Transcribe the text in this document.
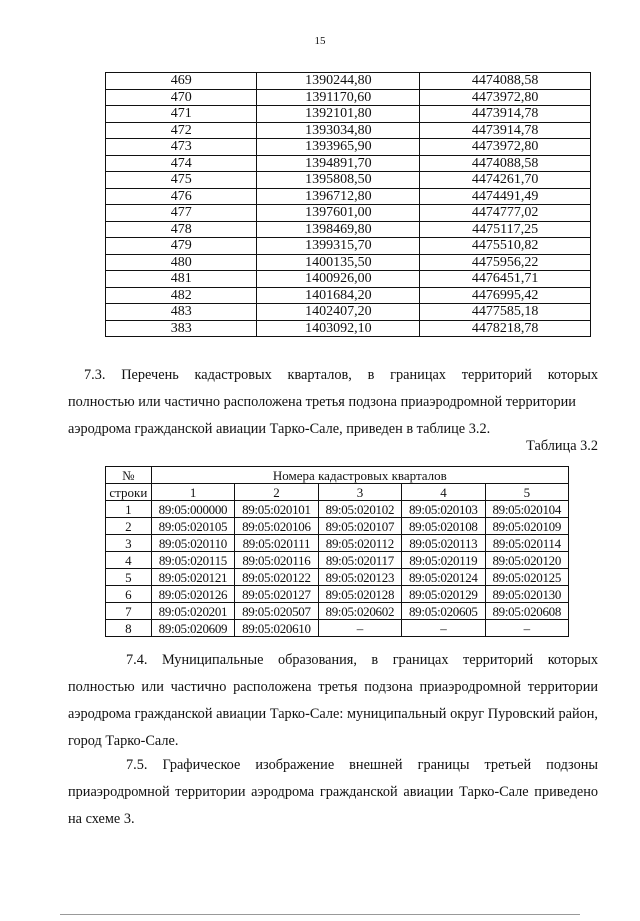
15
469	1390244,80	4474088,58
470	1391170,60	4473972,80
471	1392101,80	4473914,78
472	1393034,80	4473914,78
473	1393965,90	4473972,80
474	1394891,70	4474088,58
475	1395808,50	4474261,70
476	1396712,80	4474491,49
477	1397601,00	4474777,02
478	1398469,80	4475117,25
479	1399315,70	4475510,82
480	1400135,50	4475956,22
481	1400926,00	4476451,71
482	1401684,20	4476995,42
483	1402407,20	4477585,18
383	1403092,10	4478218,78

7.3. Перечень кадастровых кварталов, в границах территорий которых
полностью или частично расположена третья подзона приаэродромной территории аэродрома гражданской авиации Тарко-Сале, приведен в таблице 3.2.

Таблица 3.2
№	Номера кадастровых кварталов				
строки	1	2	3	4	5
1	89:05:000000	89:05:020101	89:05:020102	89:05:020103	89:05:020104
2	89:05:020105	89:05:020106	89:05:020107	89:05:020108	89:05:020109
3	89:05:020110	89:05:020111	89:05:020112	89:05:020113	89:05:020114
4	89:05:020115	89:05:020116	89:05:020117	89:05:020119	89:05:020120
5	89:05:020121	89:05:020122	89:05:020123	89:05:020124	89:05:020125
6	89:05:020126	89:05:020127	89:05:020128	89:05:020129	89:05:020130
7	89:05:020201	89:05:020507	89:05:020602	89:05:020605	89:05:020608
8	89:05:020609	89:05:020610	–	–	–

7.4. Муниципальные образования, в границах территорий которых полностью или частично расположена третья подзона приаэродромной территории аэродрома гражданской авиации Тарко-Сале: муниципальный округ Пуровский район, город Тарко-Сале.

7.5. Графическое изображение внешней границы третьей подзоны
приаэродромной территории аэродрома гражданской авиации Тарко-Сале приведено на схеме 3.
